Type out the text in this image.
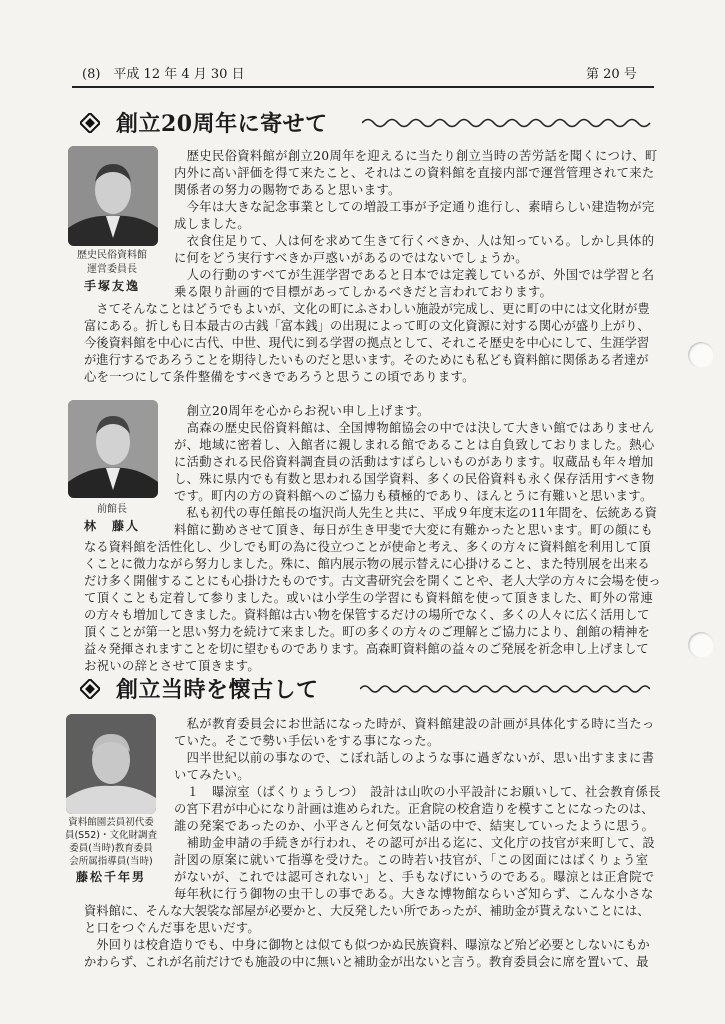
(8)　平成 12 年 4 月 30 日	第 20 号
創立20周年に寄せて
歴史民俗資料館
運営委員長
手塚友逸
　歴史民俗資料館が創立20周年を迎えるに当たり創立当時の苦労話を聞くにつけ、町
内外に高い評価を得て来たこと、それはこの資料館を直接内部で運営管理されて来た
関係者の努力の賜物であると思います。
　今年は大きな記念事業としての増設工事が予定通り進行し、素晴らしい建造物が完
成しました。
　衣食住足りて、人は何を求めて生きて行くべきか、人は知っている。しかし具体的
に何をどう実行すべきか戸惑いがあるのではないでしょうか。
　人の行動のすべてが生涯学習であると日本では定義しているが、外国では学習と名
乗る限り計画的で目標があってしかるべきだと言われております。
　さてそんなことはどうでもよいが、文化の町にふさわしい施設が完成し、更に町の中には文化財が豊
富にある。折しも日本最古の古銭「富本銭」の出現によって町の文化資源に対する関心が盛り上がり、
今後資料館を中心に古代、中世、現代に到る学習の拠点として、それこそ歴史を中心にして、生涯学習
が進行するであろうことを期待したいものだと思います。そのためにも私ども資料館に関係ある者達が
心を一つにして条件整備をすべきであろうと思うこの頃であります。
前館長
林　藤人
　創立20周年を心からお祝い申し上げます。
　高森の歴史民俗資料館は、全国博物館協会の中では決して大きい館ではありません
が、地域に密着し、入館者に親しまれる館であることは自負致しておりました。熱心
に活動される民俗資料調査員の活動はすばらしいものがあります。収蔵品も年々増加
し、殊に県内でも有数と思われる国学資料、多くの民俗資料も永く保存活用すべき物
です。町内の方の資料館へのご協力も積極的であり、ほんとうに有難いと思います。
　私も初代の専任館長の塩沢尚人先生と共に、平成９年度末迄の11年間を、伝統ある資
料館に勤めさせて頂き、毎日が生き甲斐で大変に有難かったと思います。町の顔にも
なる資料館を活性化し、少しでも町の為に役立つことが使命と考え、多くの方々に資料館を利用して頂
くことに微力ながら努力しました。殊に、館内展示物の展示替えに心掛けること、また特別展を出来る
だけ多く開催することにも心掛けたものです。古文書研究会を開くことや、老人大学の方々に会場を使っ
て頂くことも定着して参りました。或いは小学生の学習にも資料館を使って頂きました、町外の常連
の方々も増加してきました。資料館は古い物を保管するだけの場所でなく、多くの人々に広く活用して
頂くことが第一と思い努力を続けて来ました。町の多くの方々のご理解とご協力により、創館の精神を
益々発揮されますことを切に望むものであります。高森町資料館の益々のご発展を祈念申し上げまして
お祝いの辞とさせて頂きます。
創立当時を懐古して
資料館園芸員初代委
員(S52)・文化財調査
委員(当時)教育委員
会所属指導員(当時)
藤松千年男
　私が教育委員会にお世話になった時が、資料館建設の計画が具体化する時に当たっ
ていた。そこで勢い手伝いをする事になった。
　四半世紀以前の事なので、こぼれ話しのような事に過ぎないが、思い出すままに書
いてみたい。
　１　曝涼室（ばくりょうしつ）　設計は山吹の小平設計にお願いして、社会教育係長
の宮下君が中心になり計画は進められた。正倉院の校倉造りを模すことになったのは、
誰の発案であったのか、小平さんと何気ない話の中で、結実していったように思う。
　補助金申請の手続きが行われ、その認可が出る迄に、文化庁の技官が来町して、設
計図の原案に就いて指導を受けた。この時若い技官が、「この図面にはばくりょう室
がないが、これでは認可されない」と、手もなげにいうのである。曝涼とは正倉院で
毎年秋に行う御物の虫干しの事である。大きな博物館ならいざ知らず、こんな小さな
資料館に、そんな大袈裟な部屋が必要かと、大反発したい所であったが、補助金が貰えないことには、
と口をつぐんだ事を思いだす。
　外回りは校倉造りでも、中身に御物とは似ても似つかぬ民族資料、曝涼など殆ど必要としないにもか
かわらず、これが名前だけでも施設の中に無いと補助金が出ないと言う。教育委員会に席を置いて、最
